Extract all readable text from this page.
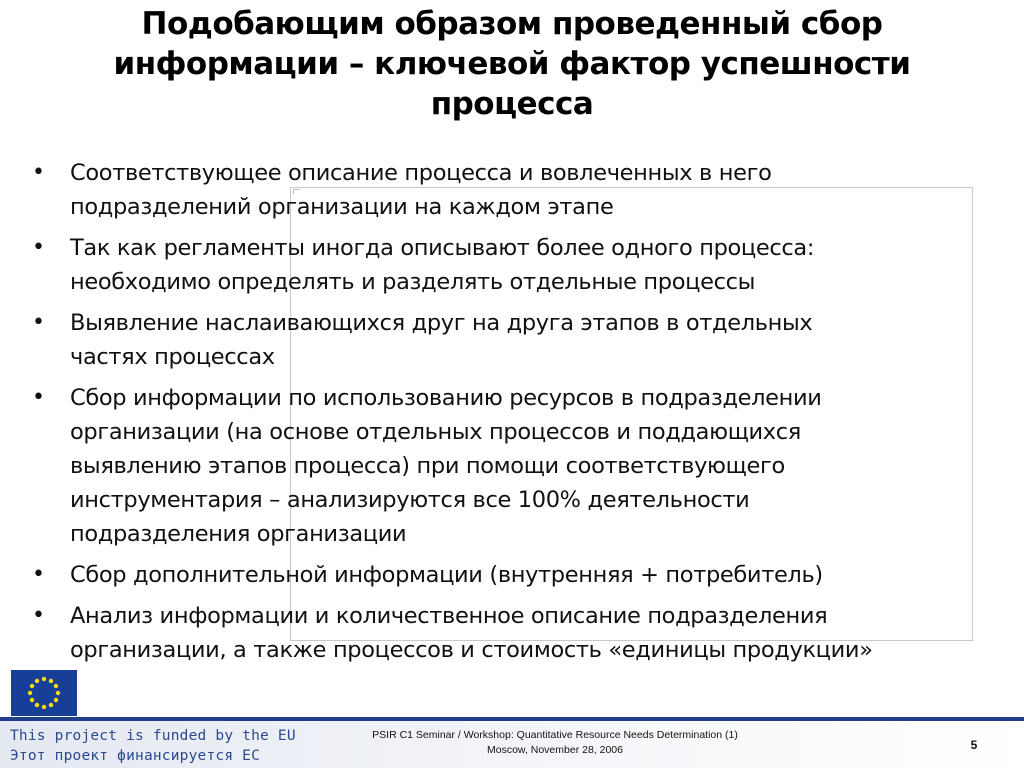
Подобающим образом проведенный сбор
информации – ключевой фактор успешности
процесса
• Соответствующее описание процесса и вовлеченных в него
подразделений организации на каждом этапе
• Так как регламенты иногда описывают более одного процесса:
необходимо определять и разделять отдельные процессы
• Выявление наслаивающихся друг на друга этапов в отдельных
частях процессах
• Сбор информации по использованию ресурсов в подразделении
организации (на основе отдельных процессов и поддающихся
выявлению этапов процесса) при помощи соответствующего
инструментария – анализируются все 100% деятельности
подразделения организации
• Сбор дополнительной информации (внутренняя + потребитель)
• Анализ информации и количественное описание подразделения
организации, а также процессов и стоимость «единицы продукции»
This project is funded by the EU
Этот проект финансируется ЕС
PSIR C1 Seminar / Workshop: Quantitative Resource Needs Determination (1)
Moscow, November 28, 2006	5
